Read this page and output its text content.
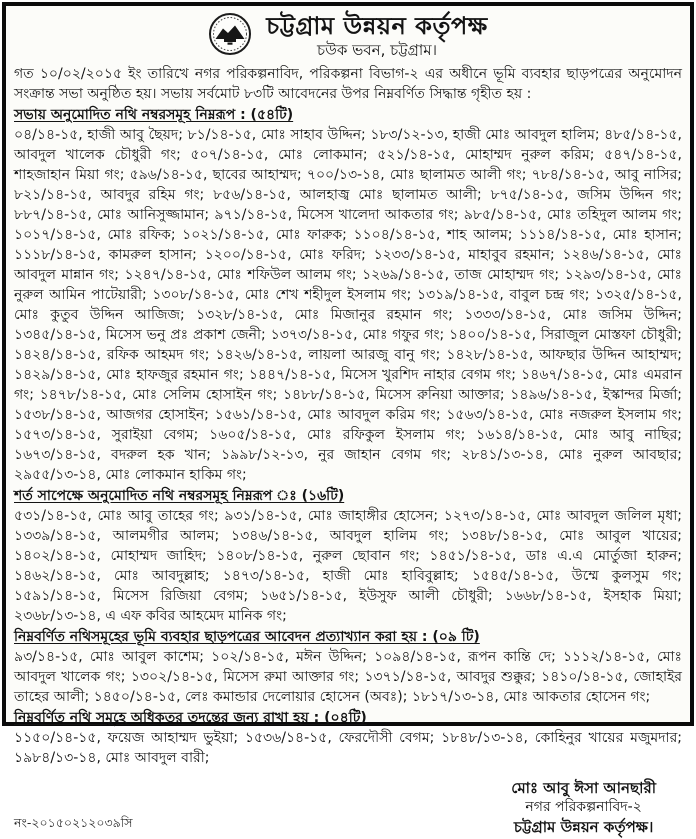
চট্টগ্রাম উন্নয়ন কর্তৃপক্ষ
চউক ভবন, চট্টগ্রাম।
গত ১০/০২/২০১৫ ইং তারিখে নগর পরিকল্পনাবিদ, পরিকল্পনা বিভাগ-২ এর অধীনে ভূমি ব্যবহার ছাড়পত্রের অনুমোদন সংক্রান্ত সভা অনুষ্ঠিত হয়। সভায় সর্বমোট ৮৩টি আবেদনের উপর নিম্নবর্ণিত সিদ্ধান্ত গৃহীত হয় :
সভায় অনুমোদিত নথি নম্বরসমূহ নিম্নরূপ : (৫৪টি)
০৪/১৪-১৫, হাজী আবু ছৈয়দ; ৮১/১৪-১৫, মোঃ সাহাব উদ্দিন; ১৮৩/১২-১৩, হাজী মোঃ আবদুল হালিম; ৪৮৫/১৪-১৫, আবদুল খালেক চৌধুরী গং; ৫০৭/১৪-১৫, মোঃ লোকমান; ৫২১/১৪-১৫, মোহাম্মদ নুরুল করিম; ৫৪৭/১৪-১৫, শাহজাহান মিয়া গং; ৫৯৬/১৪-১৫, ছাবের আহাম্মদ; ৭০০/১৩-১৪, মোঃ ছালামত আলী গং; ৭৮৪/১৪-১৫, আবু নাসির; ৮২১/১৪-১৫, আবদুর রহিম গং; ৮৫৬/১৪-১৫, আলহাজ্ব মোঃ ছালামত আলী; ৮৭৫/১৪-১৫, জসিম উদ্দিন গং; ৮৮৭/১৪-১৫, মোঃ আনিসুজ্জামান; ৯৭১/১৪-১৫, মিসেস খালেদা আকতার গং; ৯৮৫/১৪-১৫, মোঃ তহিদুল আলম গং; ১০১৭/১৪-১৫, মোঃ রফিক; ১০২১/১৪-১৫, মোঃ ফারুক; ১১০৪/১৪-১৫, শাহ আলম; ১১১৪/১৪-১৫, মোঃ হাসান; ১১১৮/১৪-১৫, কামরুল হাসান; ১২০০/১৪-১৫, মোঃ ফরিদ; ১২৩৩/১৪-১৫, মাহাবুব রহমান; ১২৪৬/১৪-১৫, মোঃ আবদুল মান্নান গং; ১২৪৭/১৪-১৫, মোঃ শফিউল আলম গং; ১২৬৯/১৪-১৫, তাজ মোহাম্মদ গং; ১২৯৩/১৪-১৫, মোঃ নুরুল আমিন পাটেয়ারী; ১৩০৮/১৪-১৫, মোঃ শেখ শহীদুল ইসলাম গং; ১৩১৯/১৪-১৫, বাবুল চন্দ্র গং; ১৩২৫/১৪-১৫, মোঃ কুতুব উদ্দিন আজিজ; ১৩২৮/১৪-১৫, মোঃ মিজানুর রহমান গং; ১৩৩৩/১৪-১৫, মোঃ জসিম উদ্দিন; ১৩৪৫/১৪-১৫, মিসেস ভনু প্রঃ প্রকাশ জেনী; ১৩৭৩/১৪-১৫, মোঃ গফুর গং; ১৪০০/১৪-১৫, সিরাজুল মোস্তফা চৌধুরী; ১৪২৪/১৪-১৫, রফিক আহমদ গং; ১৪২৬/১৪-১৫, লায়লা আরজু বানু গং; ১৪২৮/১৪-১৫, আফছার উদ্দিন আহাম্মদ; ১৪২৯/১৪-১৫, মোঃ হাফজুর রহমান গং; ১৪৪৭/১৪-১৫, মিসেস খুরশিদ নাহার বেগম গং; ১৪৬৭/১৪-১৫, মোঃ এমরান গং; ১৪৭৮/১৪-১৫, মোঃ সেলিম হোসাইন গং; ১৪৮৮/১৪-১৫, মিসেস রুনিয়া আক্তার; ১৪৯৬/১৪-১৫, ইস্কান্দর মির্জা; ১৫৩৮/১৪-১৫, আজগর হোসাইন; ১৫৬১/১৪-১৫, মোঃ আবদুল করিম গং; ১৫৬৩/১৪-১৫, মোঃ নজরুল ইসলাম গং; ১৫৭৩/১৪-১৫, সুরাইয়া বেগম; ১৬০৫/১৪-১৫, মোঃ রফিকুল ইসলাম গং; ১৬১৪/১৪-১৫, মোঃ আবু নাছির; ১৬৭৩/১৪-১৫, বদরুল হক খান; ১৯৯৮/১২-১৩, নুর জাহান বেগম গং; ২৮৪১/১৩-১৪, মোঃ নুরুল আবছার; ২৯৫৫/১৩-১৪, মোঃ লোকমান হাকিম গং;
শর্ত সাপেক্ষে অনুমোদিত নথি নম্বরসমূহ নিম্নরূপ ঃ (১৬টি)
৫৩১/১৪-১৫, মোঃ আবু তাহের গং; ৯৩১/১৪-১৫, মোঃ জাহাঙ্গীর হোসেন; ১২৭৩/১৪-১৫, মোঃ আবদুল জলিল মৃধা; ১৩৩৯/১৪-১৫, আলমগীর আলম; ১৩৪৬/১৪-১৫, আবদুল হালিম গং; ১৩৪৮/১৪-১৫, মোঃ আবুল খায়ের; ১৪০২/১৪-১৫, মোহাম্মদ জাহিদ; ১৪০৮/১৪-১৫, নুরুল ছোবান গং; ১৪৫১/১৪-১৫, ডাঃ এ.এ মোর্তুজা হারুন; ১৪৬২/১৪-১৫, মোঃ আবদুল্লাহ; ১৪৭৩/১৪-১৫, হাজী মোঃ হাবিবুল্লাহ; ১৫৪৫/১৪-১৫, উম্মে কুলসুম গং; ১৫৯১/১৪-১৫, মিসেস রিজিয়া বেগম; ১৬৫১/১৪-১৫, ইউসুফ আলী চৌধুরী; ১৬৬৮/১৪-১৫, ইসহাক মিয়া; ২৩৬৮/১৩-১৪, এ এফ কবির আহমেদ মানিক গং;
নিম্নবর্ণিত নথিসমূহের ভূমি ব্যবহার ছাড়পত্রের আবেদন প্রত্যাখ্যান করা হয় : (০৯ টি)
৯৩/১৪-১৫, মোঃ আবুল কাশেম; ১০২/১৪-১৫, মঈন উদ্দিন; ১০৯৪/১৪-১৫, রূপন কান্তি দে; ১১১২/১৪-১৫, মোঃ আবদুল খালেক গং; ১৩০২/১৪-১৫, মিসেস রুমা আক্তার গং; ১৩৭১/১৪-১৫, আবদুর শুক্কুর; ১৪১০/১৪-১৫, জোহাইর তাহের আলী; ১৪৫০/১৪-১৫, লেঃ কমান্ডার দেলোয়ার হোসেন (অবঃ); ১৮১৭/১৩-১৪, মোঃ আকতার হোসেন গং;
নিম্নবর্ণিত নথি সমূহে অধিকতর তদন্তের জন্য রাখা হয় : (০৪টি)
১১৫০/১৪-১৫, ফয়েজ আহাম্মদ ভুইয়া; ১৫৩৬/১৪-১৫, ফেরদৌসী বেগম; ১৮৪৮/১৩-১৪, কোহিনুর খায়ের মজুমদার; ১৯৮৪/১৩-১৪, মোঃ আবদুল বারী;
নং-২০১৫০২১২০৩৯সি
মোঃ আবু ঈসা আনছারী
নগর পরিকল্পনাবিদ-২
চট্টগ্রাম উন্নয়ন কর্তৃপক্ষ।
